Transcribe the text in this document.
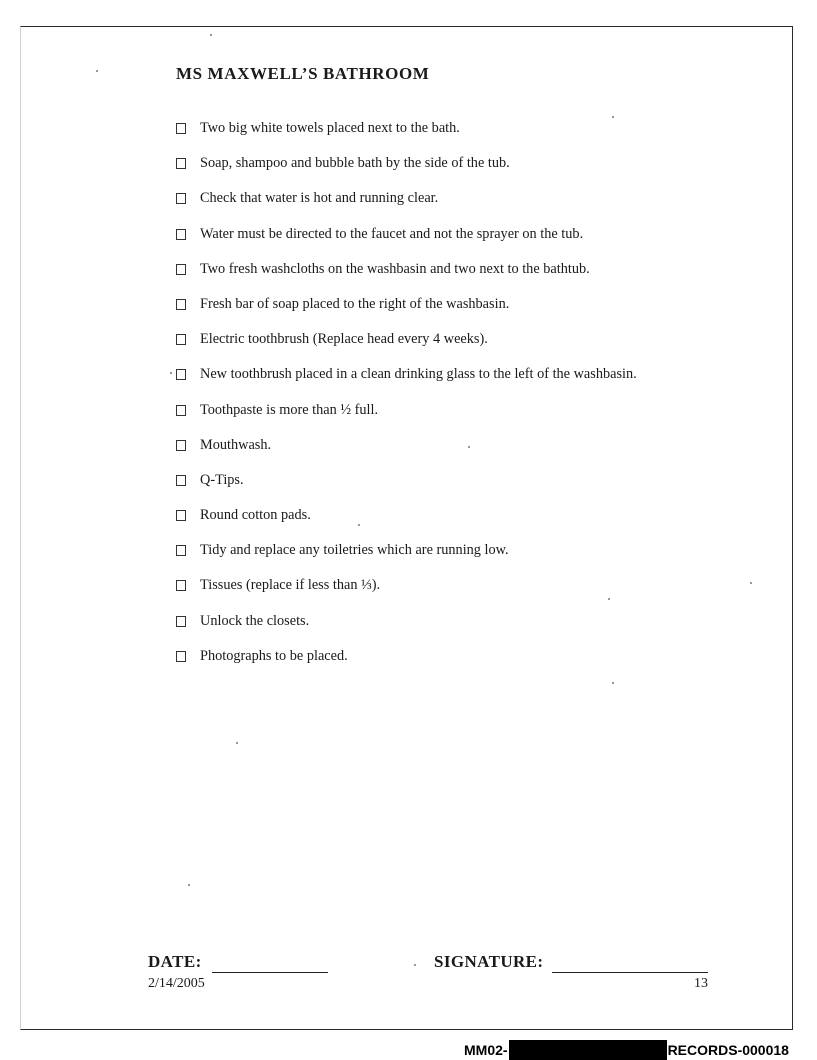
MS MAXWELL’S BATHROOM
Two big white towels placed next to the bath.
Soap, shampoo and bubble bath by the side of the tub.
Check that water is hot and running clear.
Water must be directed to the faucet and not the sprayer on the tub.
Two fresh washcloths on the washbasin and two next to the bathtub.
Fresh bar of soap placed to the right of the washbasin.
Electric toothbrush (Replace head every 4 weeks).
New toothbrush placed in a clean drinking glass to the left of the washbasin.
Toothpaste is more than ½ full.
Mouthwash.
Q-Tips.
Round cotton pads.
Tidy and replace any toiletries which are running low.
Tissues (replace if less than ⅓).
Unlock the closets.
Photographs to be placed.
DATE:	SIGNATURE:
2/14/2005	13
MM02-	RECORDS-000018
